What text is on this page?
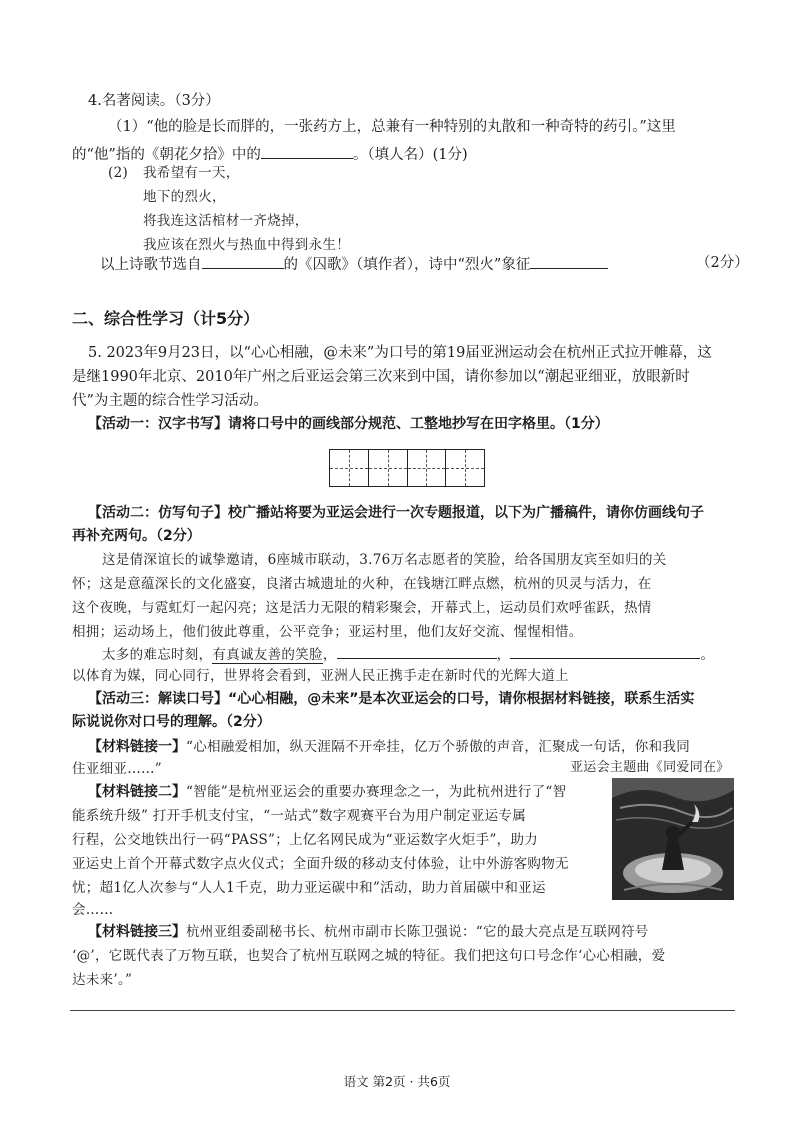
4.名著阅读。（3分）
（1）“他的脸是长而胖的，一张药方上，总兼有一种特别的丸散和一种奇特的药引。”这里
的“他”指的《朝花夕拾》中的	。（填人名）(1分)
(2) 我希望有一天，
地下的烈火，
将我连这活棺材一齐烧掉，
我应该在烈火与热血中得到永生！
以上诗歌节选自	的《囚歌》（填作者），诗中“烈火”象征	（2分）
二、综合性学习（计5分）
5. 2023年9月23日，以“心心相融，@未来”为口号的第19届亚洲运动会在杭州正式拉开帷幕，这
是继1990年北京、2010年广州之后亚运会第三次来到中国，请你参加以“潮起亚细亚，放眼新时
代”为主题的综合性学习活动。
【活动一：汉字书写】请将口号中的画线部分规范、工整地抄写在田字格里。（1分）
【活动二：仿写句子】校广播站将要为亚运会进行一次专题报道，以下为广播稿件，请你仿画线句子
再补充两句。（2分）
这是倩深谊长的诚挚邀请，6座城市联动，3.76万名志愿者的笑脸，给各国朋友宾至如归的关
怀；这是意蕴深长的文化盛宴，良渚古城遗址的火种，在钱塘江畔点燃，杭州的贝灵与活力，在
这个夜晚，与霓虹灯一起闪亮；这是活力无限的精彩聚会，开幕式上，运动员们欢呼雀跃，热情
相拥；运动场上，他们彼此尊重，公平竞争；亚运村里，他们友好交流、惺惺相惜。
太多的难忘时刻，有真诚友善的笑脸，	，	。
以体育为媒，同心同行，世界将会看到，亚洲人民正携手走在新时代的光辉大道上
【活动三：解读口号】“心心相融，@未来”是本次亚运会的口号，请你根据材料链接，联系生活实
际说说你对口号的理解。（2分）
【材料链接一】“心相融爱相加，纵天涯隔不开牵挂，亿万个骄傲的声音，汇聚成一句话，你和我同
住亚细亚……”	亚运会主题曲《同爱同在》
【材料链接二】“智能”是杭州亚运会的重要办赛理念之一，为此杭州进行了“智
能系统升级” 打开手机支付宝，“一站式”数字观赛平台为用户制定亚运专属
行程，公交地铁出行一码“PASS”；上亿名网民成为“亚运数字火炬手”，助力
亚运史上首个开幕式数字点火仪式；全面升级的移动支付体验，让中外游客购物无
忧；超1亿人次参与“人人1千克，助力亚运碳中和”活动，助力首届碳中和亚运
会……
【材料链接三】杭州亚组委副秘书长、杭州市副市长陈卫强说：“它的最大亮点是互联网符号
‘@’，它既代表了万物互联，也契合了杭州互联网之城的特征。我们把这句口号念作‘心心相融，爱
达未来’。”
语文 第2页 · 共6页
